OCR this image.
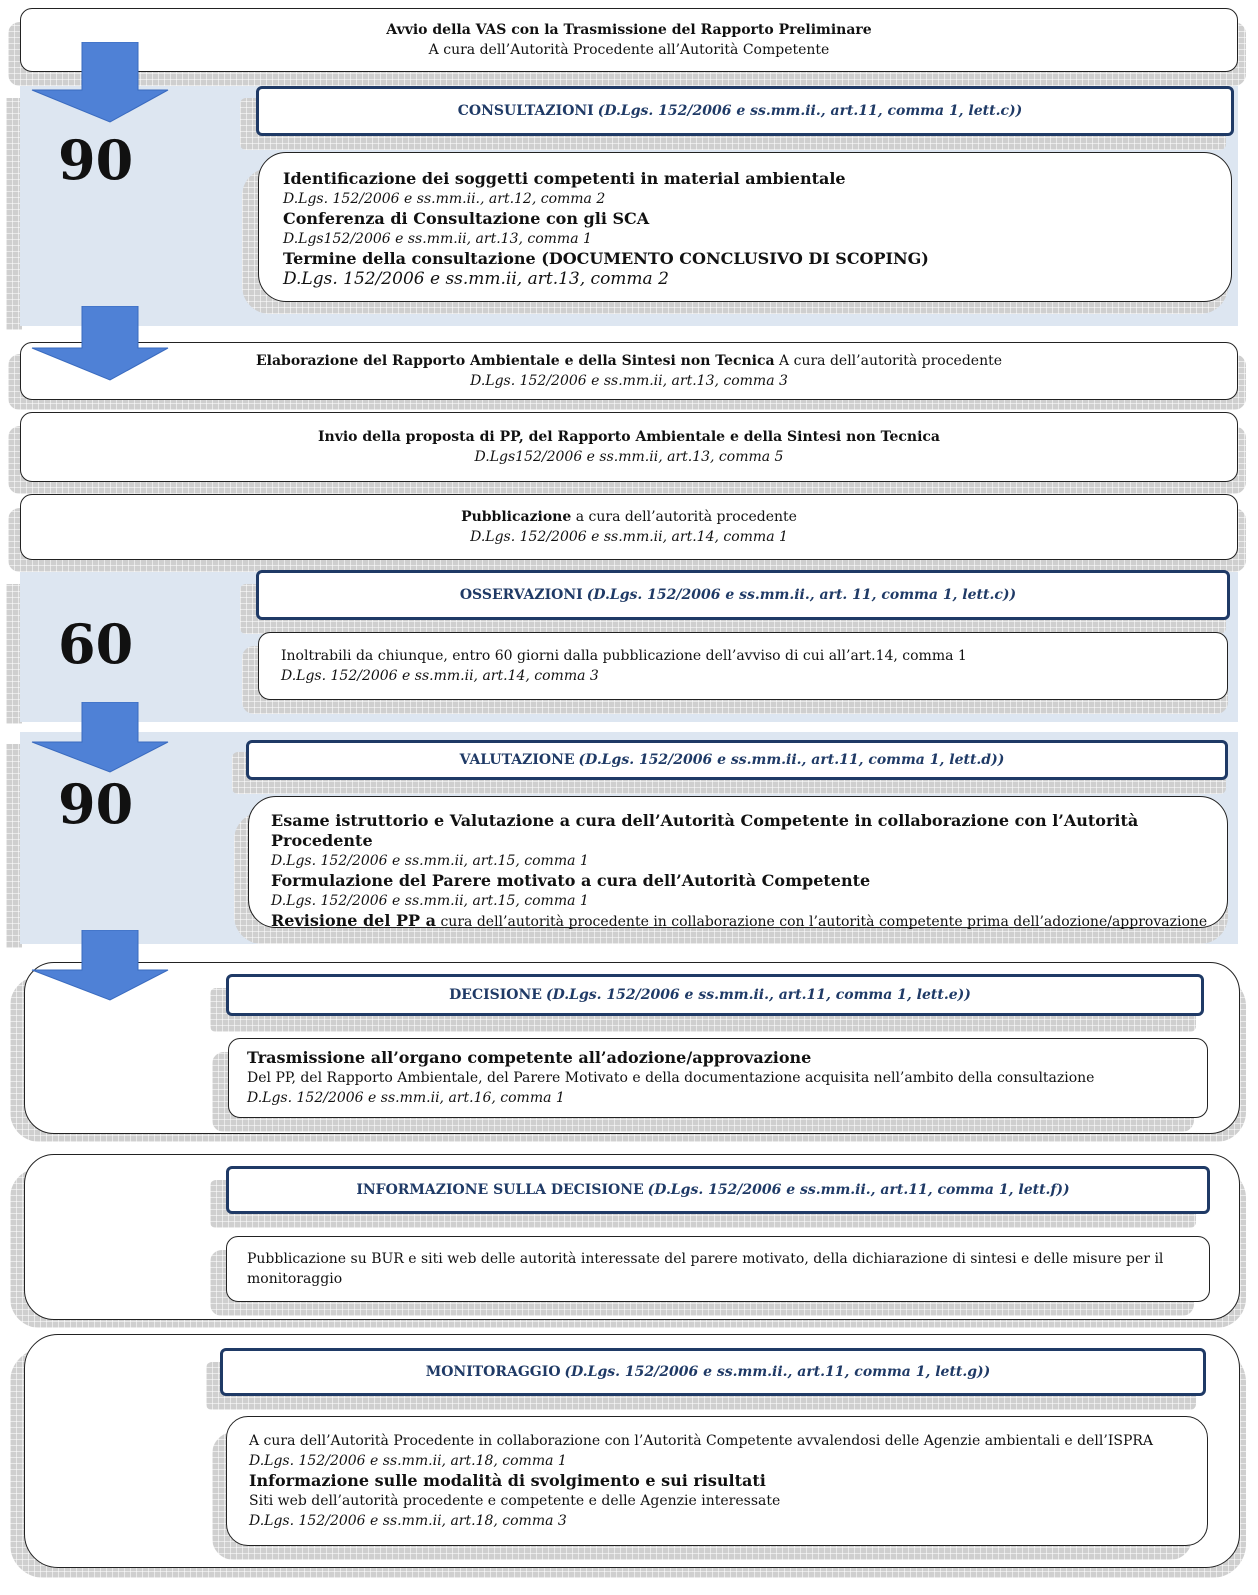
Avvio della VAS con la Trasmissione del Rapporto Preliminare
A cura dell’Autorità Procedente all’Autorità Competente
90
CONSULTAZIONI (D.Lgs. 152/2006 e ss.mm.ii., art.11, comma 1, lett.c))
Identificazione dei soggetti competenti in material ambientale
D.Lgs. 152/2006 e ss.mm.ii., art.12, comma 2
Conferenza di Consultazione con gli SCA
D.Lgs152/2006 e ss.mm.ii, art.13, comma 1
Termine della consultazione (DOCUMENTO CONCLUSIVO DI SCOPING)
D.Lgs. 152/2006 e ss.mm.ii, art.13, comma 2
Elaborazione del Rapporto Ambientale e della Sintesi non Tecnica A cura dell’autorità procedente
D.Lgs. 152/2006 e ss.mm.ii, art.13, comma 3
Invio della proposta di PP, del Rapporto Ambientale e della Sintesi non Tecnica
D.Lgs152/2006 e ss.mm.ii, art.13, comma 5
Pubblicazione a cura dell’autorità procedente
D.Lgs. 152/2006 e ss.mm.ii, art.14, comma 1
60
OSSERVAZIONI (D.Lgs. 152/2006 e ss.mm.ii., art. 11, comma 1, lett.c))
Inoltrabili da chiunque, entro 60 giorni dalla pubblicazione dell’avviso di cui all’art.14, comma 1
D.Lgs. 152/2006 e ss.mm.ii, art.14, comma 3
90
VALUTAZIONE (D.Lgs. 152/2006 e ss.mm.ii., art.11, comma 1, lett.d))
Esame istruttorio e Valutazione a cura dell’Autorità Competente in collaborazione con l’Autorità Procedente
D.Lgs. 152/2006 e ss.mm.ii, art.15, comma 1
Formulazione del Parere motivato a cura dell’Autorità Competente
D.Lgs. 152/2006 e ss.mm.ii, art.15, comma 1
Revisione del PP a cura dell’autorità procedente in collaborazione con l’autorità competente prima dell’adozione/approvazione
DECISIONE (D.Lgs. 152/2006 e ss.mm.ii., art.11, comma 1, lett.e))
Trasmissione all’organo competente all’adozione/approvazione
Del PP, del Rapporto Ambientale, del Parere Motivato e della documentazione acquisita nell’ambito della consultazione
D.Lgs. 152/2006 e ss.mm.ii, art.16, comma 1
INFORMAZIONE SULLA DECISIONE (D.Lgs. 152/2006 e ss.mm.ii., art.11, comma 1, lett.f))
Pubblicazione su BUR e siti web delle autorità interessate del parere motivato, della dichiarazione di sintesi e delle misure per il monitoraggio
MONITORAGGIO (D.Lgs. 152/2006 e ss.mm.ii., art.11, comma 1, lett.g))
A cura dell’Autorità Procedente in collaborazione con l’Autorità Competente avvalendosi delle Agenzie ambientali e dell’ISPRA
D.Lgs. 152/2006 e ss.mm.ii, art.18, comma 1
Informazione sulle modalità di svolgimento e sui risultati
Siti web dell’autorità procedente e competente e delle Agenzie interessate
D.Lgs. 152/2006 e ss.mm.ii, art.18, comma 3
